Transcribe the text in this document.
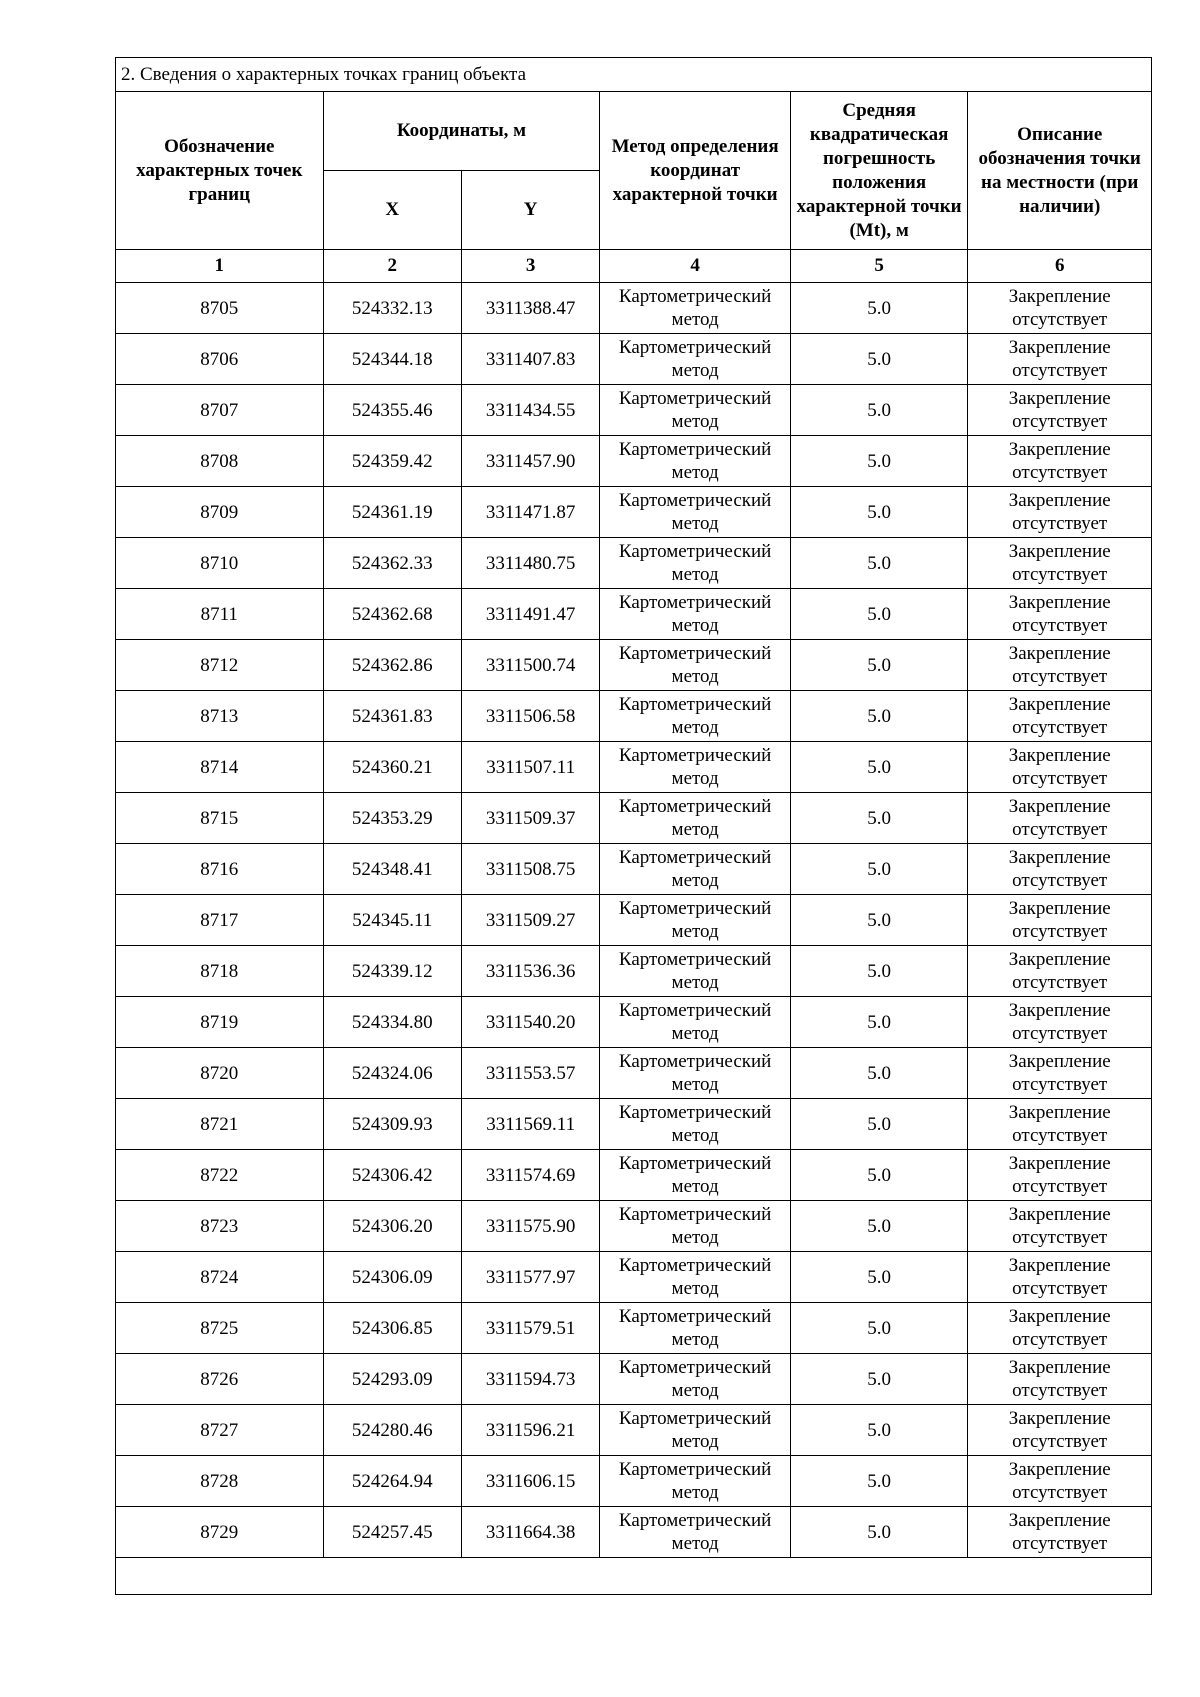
2. Сведения о характерных точках границ объекта					
Обозначение характерных точек границ	Координаты, м		Метод определения координат характерной точки	Средняя квадратическая погрешность положения характерной точки (Mt), м	Описание обозначения точки на местности (при наличии)
	X	Y			
1	2	3	4	5	6
8705	524332.13	3311388.47	Картометрический метод	5.0	Закрепление отсутствует
8706	524344.18	3311407.83	Картометрический метод	5.0	Закрепление отсутствует
8707	524355.46	3311434.55	Картометрический метод	5.0	Закрепление отсутствует
8708	524359.42	3311457.90	Картометрический метод	5.0	Закрепление отсутствует
8709	524361.19	3311471.87	Картометрический метод	5.0	Закрепление отсутствует
8710	524362.33	3311480.75	Картометрический метод	5.0	Закрепление отсутствует
8711	524362.68	3311491.47	Картометрический метод	5.0	Закрепление отсутствует
8712	524362.86	3311500.74	Картометрический метод	5.0	Закрепление отсутствует
8713	524361.83	3311506.58	Картометрический метод	5.0	Закрепление отсутствует
8714	524360.21	3311507.11	Картометрический метод	5.0	Закрепление отсутствует
8715	524353.29	3311509.37	Картометрический метод	5.0	Закрепление отсутствует
8716	524348.41	3311508.75	Картометрический метод	5.0	Закрепление отсутствует
8717	524345.11	3311509.27	Картометрический метод	5.0	Закрепление отсутствует
8718	524339.12	3311536.36	Картометрический метод	5.0	Закрепление отсутствует
8719	524334.80	3311540.20	Картометрический метод	5.0	Закрепление отсутствует
8720	524324.06	3311553.57	Картометрический метод	5.0	Закрепление отсутствует
8721	524309.93	3311569.11	Картометрический метод	5.0	Закрепление отсутствует
8722	524306.42	3311574.69	Картометрический метод	5.0	Закрепление отсутствует
8723	524306.20	3311575.90	Картометрический метод	5.0	Закрепление отсутствует
8724	524306.09	3311577.97	Картометрический метод	5.0	Закрепление отсутствует
8725	524306.85	3311579.51	Картометрический метод	5.0	Закрепление отсутствует
8726	524293.09	3311594.73	Картометрический метод	5.0	Закрепление отсутствует
8727	524280.46	3311596.21	Картометрический метод	5.0	Закрепление отсутствует
8728	524264.94	3311606.15	Картометрический метод	5.0	Закрепление отсутствует
8729	524257.45	3311664.38	Картометрический метод	5.0	Закрепление отсутствует
